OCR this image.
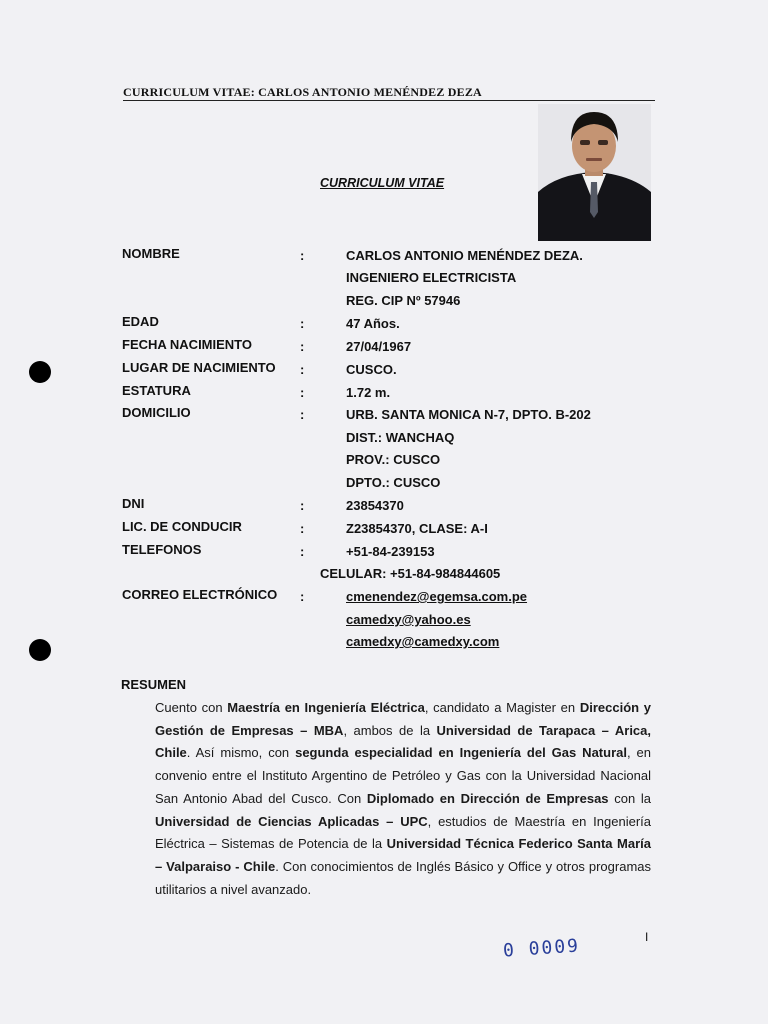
CURRICULUM VITAE: CARLOS ANTONIO MENÉNDEZ DEZA
CURRICULUM VITAE
NOMBRE	:	CARLOS ANTONIO MENÉNDEZ DEZA.
INGENIERO ELECTRICISTA
REG. CIP Nº 57946
EDAD	:	47 Años.
FECHA NACIMIENTO	:	27/04/1967
LUGAR DE NACIMIENTO :	CUSCO.
ESTATURA	:	1.72 m.
DOMICILIO	:	URB. SANTA MONICA N-7, DPTO. B-202
DIST.: WANCHAQ
PROV.: CUSCO
DPTO.: CUSCO
DNI	:	23854370
LIC. DE CONDUCIR	:	Z23854370, CLASE: A-I
TELEFONOS	:	+51-84-239153
CELULAR: +51-84-984844605
CORREO ELECTRÓNICO :	cmenendez@egemsa.com.pe
camedxy@yahoo.es
camedxy@camedxy.com
RESUMEN
Cuento con Maestría en Ingeniería Eléctrica, candidato a Magister en Dirección y Gestión de Empresas – MBA, ambos de la Universidad de Tarapaca – Arica, Chile. Así mismo, con segunda especialidad en Ingeniería del Gas Natural, en convenio entre el Instituto Argentino de Petróleo y Gas con la Universidad Nacional San Antonio Abad del Cusco. Con Diplomado en Dirección de Empresas con la Universidad de Ciencias Aplicadas – UPC, estudios de Maestría en Ingeniería Eléctrica – Sistemas de Potencia de la Universidad Técnica Federico Santa María – Valparaiso - Chile. Con conocimientos de Inglés Básico y Office y otros programas utilitarios a nivel avanzado.
I
0 0009
